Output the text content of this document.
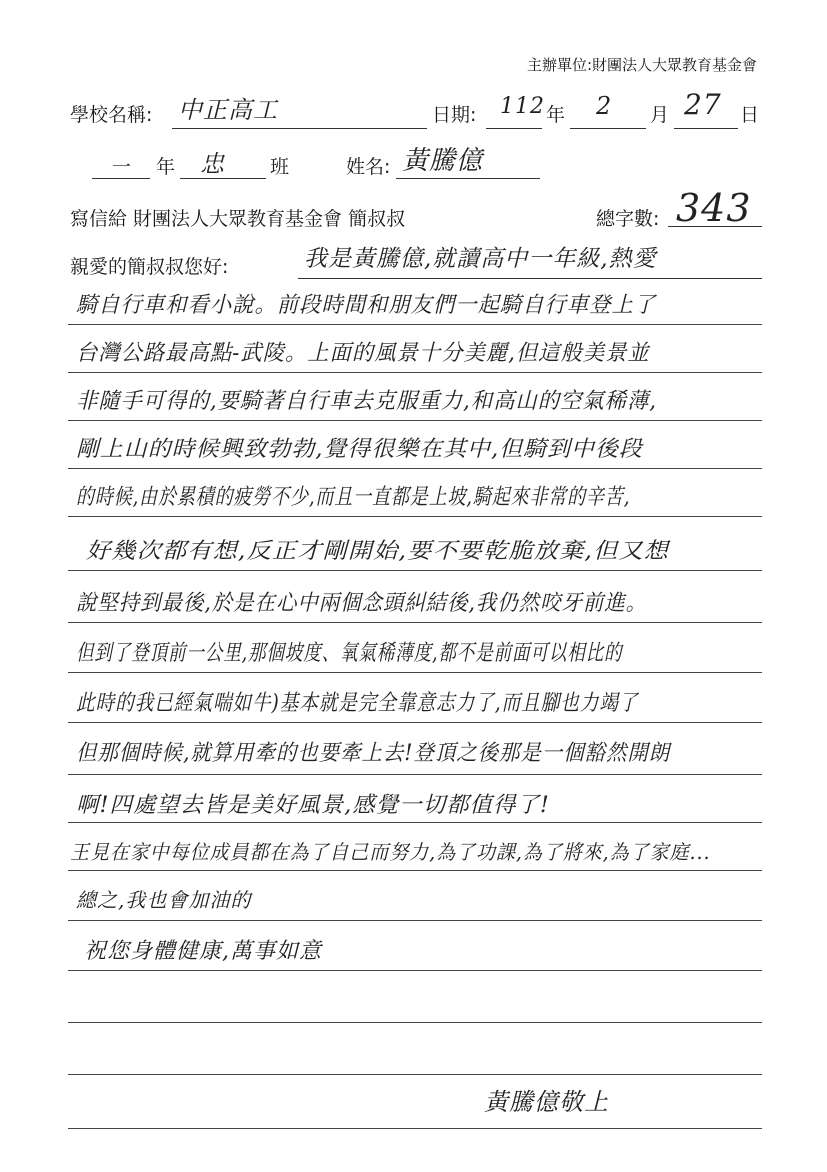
主辦單位:財團法人大眾教育基金會
學校名稱: 中正高工	日期: 112 年 2 月 27 日
一 年 忠 班	姓名: 黃騰億
寫信給 財團法人大眾教育基金會 簡叔叔	總字數: 343
親愛的簡叔叔您好:	我是黃騰億,就讀高中一年級,熱愛
騎自行車和看小說。前段時間和朋友們一起騎自行車登上了
台灣公路最高點-武陵。上面的風景十分美麗,但這般美景並
非隨手可得的,要騎著自行車去克服重力,和高山的空氣稀薄,
剛上山的時候興致勃勃,覺得很樂在其中,但騎到中後段
的時候,由於累積的疲勞不少,而且一直都是上坡,騎起來非常的辛苦,
好幾次都有想,反正才剛開始,要不要乾脆放棄,但又想
說堅持到最後,於是在心中兩個念頭糾結後,我仍然咬牙前進。
但到了登頂前一公里,那個坡度、氧氣稀薄度,都不是前面可以相比的
此時的我已經氣喘如牛)基本就是完全靠意志力了,而且腳也力竭了
但那個時候,就算用牽的也要牽上去!登頂之後那是一個豁然開朗
啊!四處望去皆是美好風景,感覺一切都值得了!
王見在家中每位成員都在為了自己而努力,為了功課,為了將來,為了家庭...
總之,我也會加油的
祝您身體健康,萬事如意
黃騰億敬上
